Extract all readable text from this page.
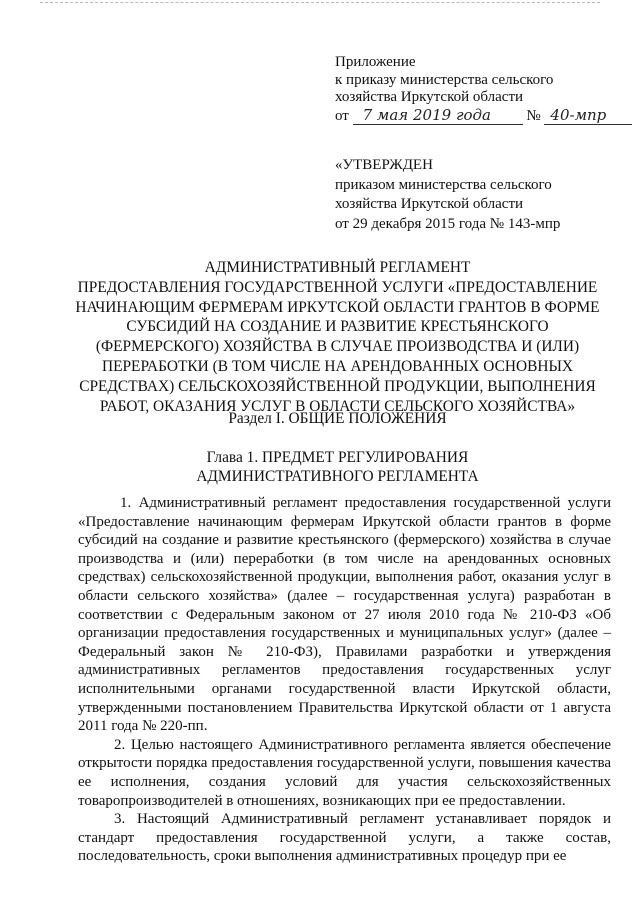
Приложение
к приказу министерства сельского
хозяйства Иркутской области
от 7 мая 2019 года № 40-мпр
«УТВЕРЖДЕН
приказом министерства сельского
хозяйства Иркутской области
от 29 декабря 2015 года № 143-мпр
АДМИНИСТРАТИВНЫЙ РЕГЛАМЕНТ
ПРЕДОСТАВЛЕНИЯ ГОСУДАРСТВЕННОЙ УСЛУГИ «ПРЕДОСТАВЛЕНИЕ
НАЧИНАЮЩИМ ФЕРМЕРАМ ИРКУТСКОЙ ОБЛАСТИ ГРАНТОВ В ФОРМЕ
СУБСИДИЙ НА СОЗДАНИЕ И РАЗВИТИЕ КРЕСТЬЯНСКОГО
(ФЕРМЕРСКОГО) ХОЗЯЙСТВА В СЛУЧАЕ ПРОИЗВОДСТВА И (ИЛИ)
ПЕРЕРАБОТКИ (В ТОМ ЧИСЛЕ НА АРЕНДОВАННЫХ ОСНОВНЫХ
СРЕДСТВАХ) СЕЛЬСКОХОЗЯЙСТВЕННОЙ ПРОДУКЦИИ, ВЫПОЛНЕНИЯ
РАБОТ, ОКАЗАНИЯ УСЛУГ В ОБЛАСТИ СЕЛЬСКОГО ХОЗЯЙСТВА»
Раздел I. ОБЩИЕ ПОЛОЖЕНИЯ
Глава 1. ПРЕДМЕТ РЕГУЛИРОВАНИЯ
АДМИНИСТРАТИВНОГО РЕГЛАМЕНТА

1. Административный регламент предоставления государственной услуги «Предоставление начинающим фермерам Иркутской области грантов в форме субсидий на создание и развитие крестьянского (фермерского) хозяйства в случае производства и (или) переработки (в том числе на арендованных основных средствах) сельскохозяйственной продукции, выполнения работ, оказания услуг в области сельского хозяйства» (далее – государственная услуга) разработан в соответствии с Федеральным законом от 27 июля 2010 года № 210-ФЗ «Об организации предоставления государственных и муниципальных услуг» (далее – Федеральный закон № 210-ФЗ), Правилами разработки и утверждения административных регламентов предоставления государственных услуг исполнительными органами государственной власти Иркутской области, утвержденными постановлением Правительства Иркутской области от 1 августа 2011 года № 220-пп.

2. Целью настоящего Административного регламента является обеспечение открытости порядка предоставления государственной услуги, повышения качества ее исполнения, создания условий для участия сельскохозяйственных товаропроизводителей в отношениях, возникающих при ее предоставлении.

3. Настоящий Административный регламент устанавливает порядок и стандарт предоставления государственной услуги, а также состав, последовательность, сроки выполнения административных процедур при ее
